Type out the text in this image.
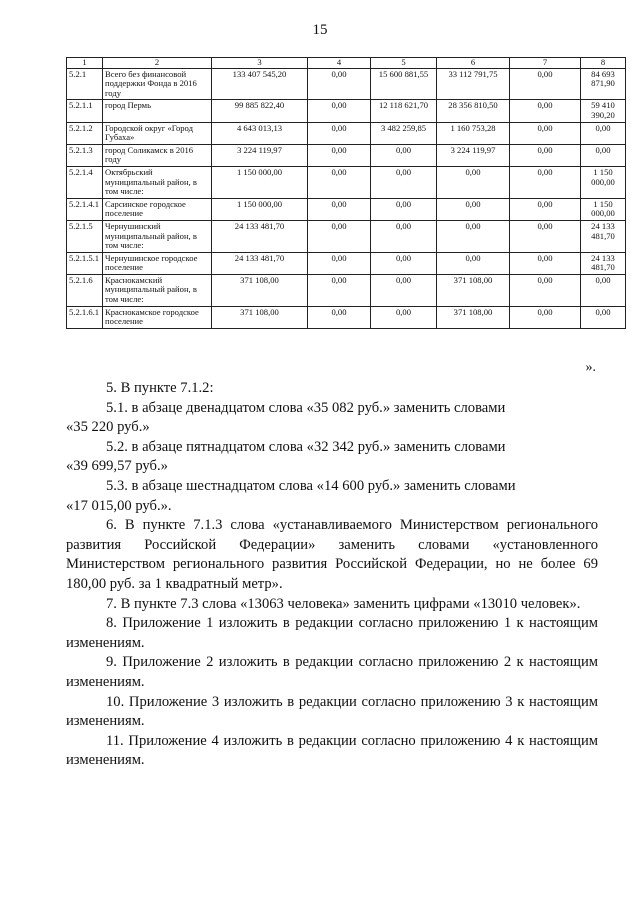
15
1	2	3	4	5	6	7	8
5.2.1	Всего без финансовой поддержки Фонда в 2016 году	133 407 545,20	0,00	15 600 881,55	33 112 791,75	0,00	84 693 871,90
5.2.1.1	город Пермь	99 885 822,40	0,00	12 118 621,70	28 356 810,50	0,00	59 410 390,20
5.2.1.2	Городской округ «Город Губаха»	4 643 013,13	0,00	3 482 259,85	1 160 753,28	0,00	0,00
5.2.1.3	город Соликамск в 2016 году	3 224 119,97	0,00	0,00	3 224 119,97	0,00	0,00
5.2.1.4	Октябрьский муниципальный район, в том числе:	1 150 000,00	0,00	0,00	0,00	0,00	1 150 000,00
5.2.1.4.1	Сарсинское городское поселение	1 150 000,00	0,00	0,00	0,00	0,00	1 150 000,00
5.2.1.5	Чернушинский муниципальный район, в том числе:	24 133 481,70	0,00	0,00	0,00	0,00	24 133 481,70
5.2.1.5.1	Чернушинское городское поселение	24 133 481,70	0,00	0,00	0,00	0,00	24 133 481,70
5.2.1.6	Краснокамский муниципальный район, в том числе:	371 108,00	0,00	0,00	371 108,00	0,00	0,00
5.2.1.6.1	Краснокамское городское поселение	371 108,00	0,00	0,00	371 108,00	0,00	0,00
».

5. В пункте 7.1.2:

5.1. в абзаце двенадцатом слова «35 082 руб.» заменить словами

«35 220 руб.»

5.2. в абзаце пятнадцатом слова «32 342 руб.» заменить словами

«39 699,57 руб.»

5.3. в абзаце шестнадцатом слова «14 600 руб.» заменить словами

«17 015,00 руб.».

6. В пункте 7.1.3 слова «устанавливаемого Министерством регионального развития Российской Федерации» заменить словами «установленного Министерством регионального развития Российской Федерации, но не более 69 180,00 руб. за 1 квадратный метр».

7. В пункте 7.3 слова «13063 человека» заменить цифрами «13010 человек».

8. Приложение 1 изложить в редакции согласно приложению 1 к настоящим изменениям.

9. Приложение 2 изложить в редакции согласно приложению 2 к настоящим изменениям.

10. Приложение 3 изложить в редакции согласно приложению 3 к настоящим изменениям.

11. Приложение 4 изложить в редакции согласно приложению 4 к настоящим изменениям.
